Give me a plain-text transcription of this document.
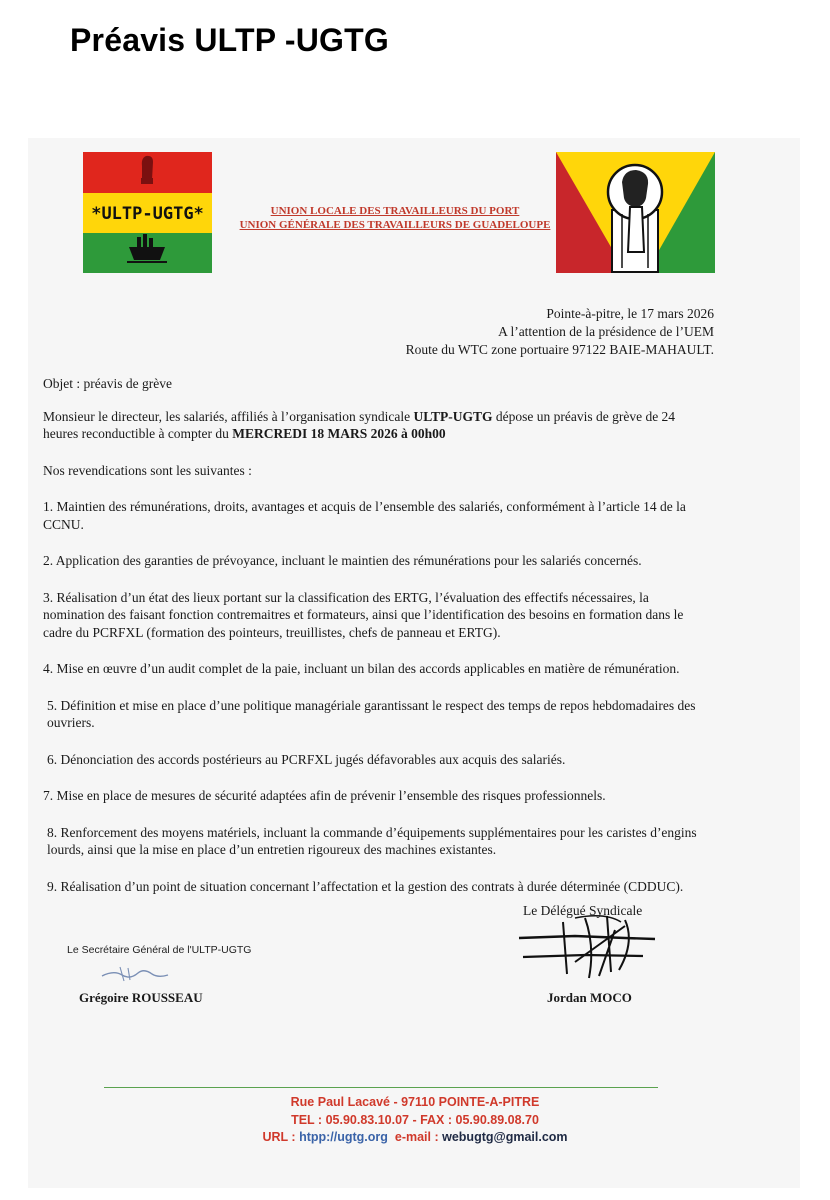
Préavis ULTP -UGTG
*ULTP-UGTG*	UNION LOCALE DES TRAVAILLEURS DU PORT
UNION GÉNÉRALE DES TRAVAILLEURS DE GUADELOUPE
Pointe-à-pitre, le 17 mars 2026
A l’attention de la présidence de l’UEM
Route du WTC zone portuaire 97122 BAIE-MAHAULT.

Objet : préavis de grève

Monsieur le directeur, les salariés, affiliés à l’organisation syndicale ULTP-UGTG dépose un préavis de grève de 24 heures reconductible à compter du MERCREDI 18 MARS 2026 à 00h00

Nos revendications sont les suivantes :

1. Maintien des rémunérations, droits, avantages et acquis de l’ensemble des salariés, conformément à l’article 14 de la CCNU.

2. Application des garanties de prévoyance, incluant le maintien des rémunérations pour les salariés concernés.

3. Réalisation d’un état des lieux portant sur la classification des ERTG, l’évaluation des effectifs nécessaires, la nomination des faisant fonction contremaitres et formateurs, ainsi que l’identification des besoins en formation dans le cadre du PCRFXL (formation des pointeurs, treuillistes, chefs de panneau et ERTG).

4. Mise en œuvre d’un audit complet de la paie, incluant un bilan des accords applicables en matière de rémunération.

5. Définition et mise en place d’une politique managériale garantissant le respect des temps de repos hebdomadaires des ouvriers.

6. Dénonciation des accords postérieurs au PCRFXL jugés défavorables aux acquis des salariés.

7. Mise en place de mesures de sécurité adaptées afin de prévenir l’ensemble des risques professionnels.

8. Renforcement des moyens matériels, incluant la commande d’équipements supplémentaires pour les caristes d’engins lourds, ainsi que la mise en place d’un entretien rigoureux des machines existantes.

9. Réalisation d’un point de situation concernant l’affectation et la gestion des contrats à durée déterminée (CDDUC).

Le Délégué Syndicale
Le Secrétaire Général de l'ULTP-UGTG
Grégoire ROUSSEAU	Jordan MOCO
Rue Paul Lacavé - 97110 POINTE-A-PITRE
TEL : 05.90.83.10.07 - FAX : 05.90.89.08.70
URL : htpp://ugtg.org e-mail : webugtg@gmail.com
